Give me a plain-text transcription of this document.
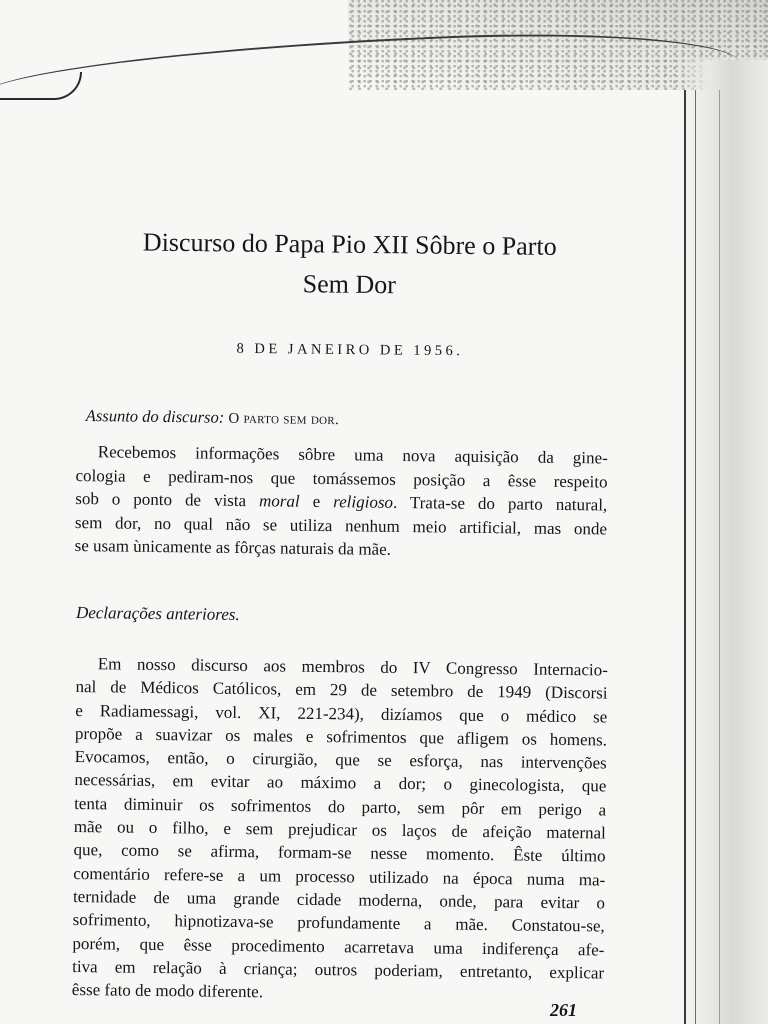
Discurso do Papa Pio XII Sôbre o Parto
Sem Dor
8 DE JANEIRO DE 1956.
Assunto do discurso: O parto sem dor.
Recebemos informações sôbre uma nova aquisição da gine-
cologia e pediram-nos que tomássemos posição a êsse respeito
sob o ponto de vista moral e religioso. Trata-se do parto natural,
sem dor, no qual não se utiliza nenhum meio artificial, mas onde
se usam ùnicamente as fôrças naturais da mãe.
Declarações anteriores.
Em nosso discurso aos membros do IV Congresso Internacio-
nal de Médicos Católicos, em 29 de setembro de 1949 (Discorsi
e Radiamessagi, vol. XI, 221-234), dizíamos que o médico se
propõe a suavizar os males e sofrimentos que afligem os homens.
Evocamos, então, o cirurgião, que se esforça, nas intervenções
necessárias, em evitar ao máximo a dor; o ginecologista, que
tenta diminuir os sofrimentos do parto, sem pôr em perigo a
mãe ou o filho, e sem prejudicar os laços de afeição maternal
que, como se afirma, formam-se nesse momento. Êste último
comentário refere-se a um processo utilizado na época numa ma-
ternidade de uma grande cidade moderna, onde, para evitar o
sofrimento, hipnotizava-se profundamente a mãe. Constatou-se,
porém, que êsse procedimento acarretava uma indiferença afe-
tiva em relação à criança; outros poderiam, entretanto, explicar
êsse fato de modo diferente.
261
